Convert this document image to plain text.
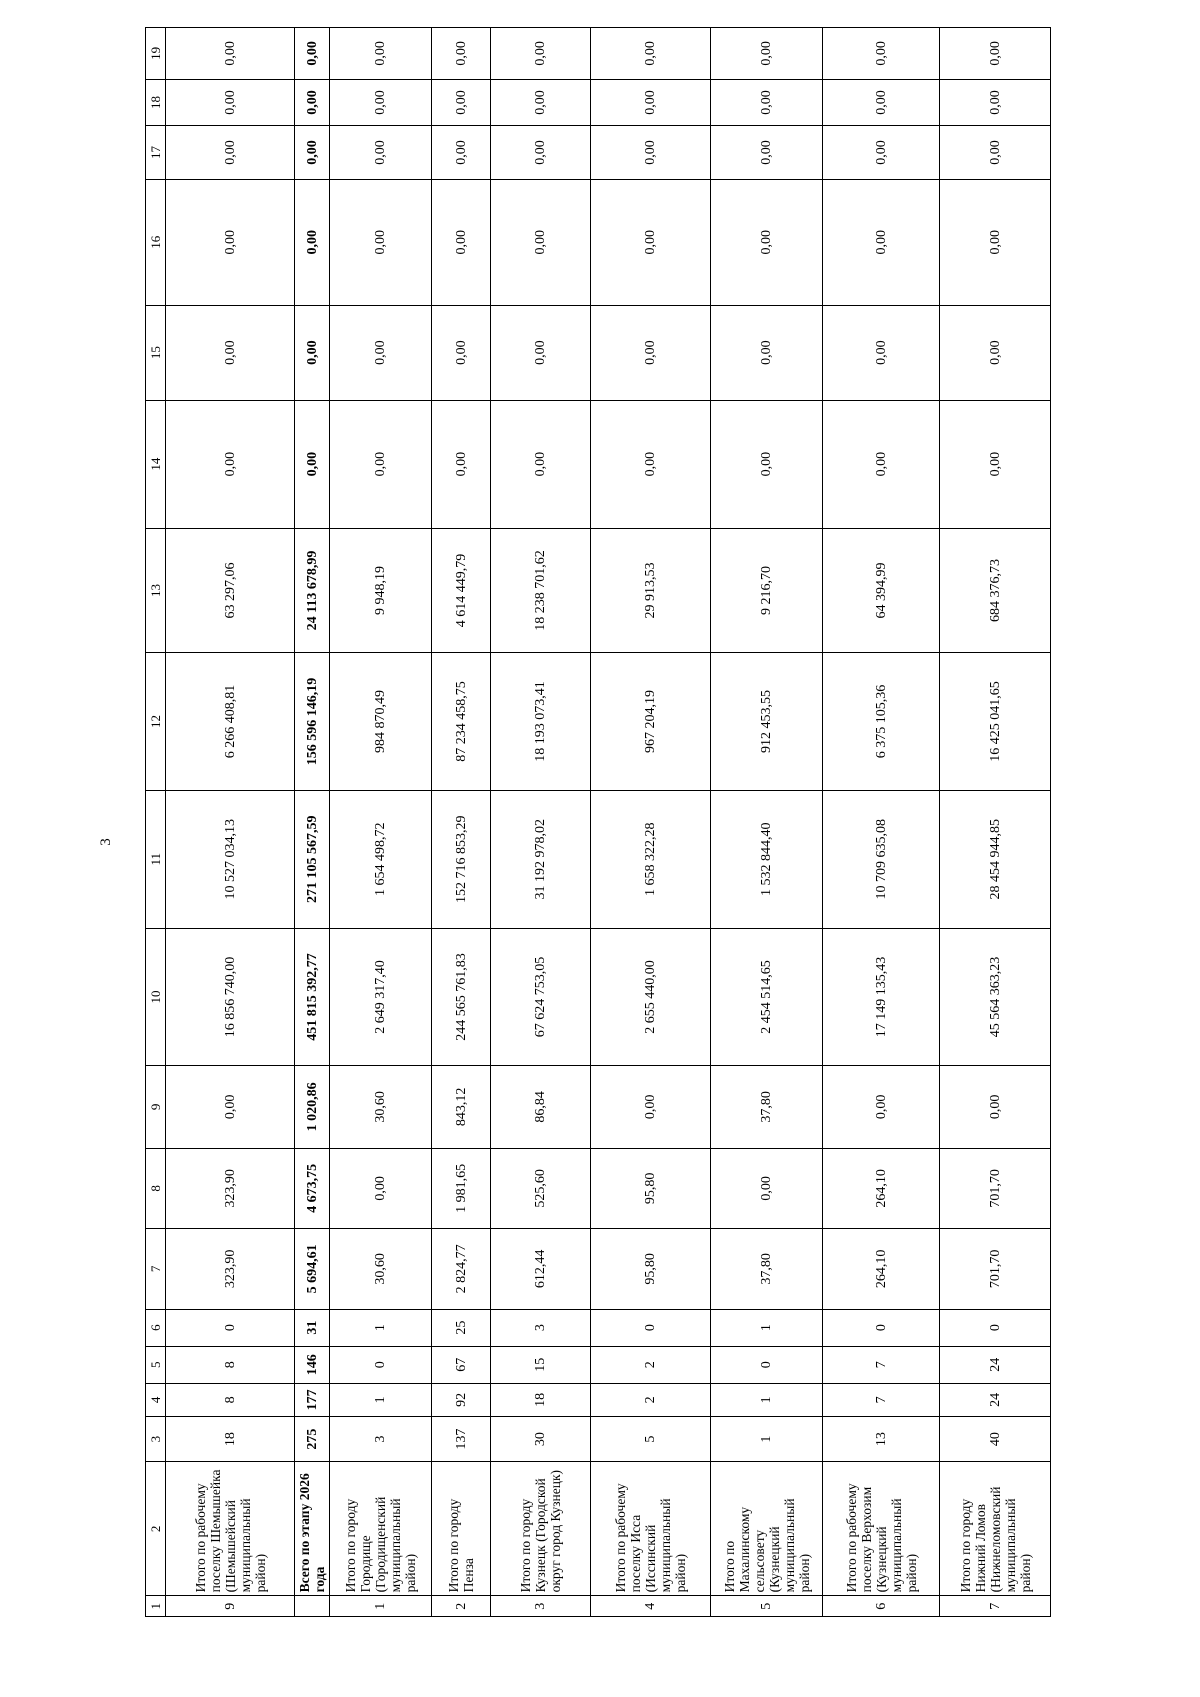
3
1	2	3	4	5	6	7	8	9	10	11	12	13	14	15	16	17	18	19
9	Итого по рабочему поселку Шемышейка (Шемышейский муниципальный район)	18	8	8	0	323,90	323,90	0,00	16 856 740,00	10 527 034,13	6 266 408,81	63 297,06	0,00	0,00	0,00	0,00	0,00	0,00
	Всего по этапу 2026 года	275	177	146	31	5 694,61	4 673,75	1 020,86	451 815 392,77	271 105 567,59	156 596 146,19	24 113 678,99	0,00	0,00	0,00	0,00	0,00	0,00
1	Итого по городу Городище (Городищенский муниципальный район)	3	1	0	1	30,60	0,00	30,60	2 649 317,40	1 654 498,72	984 870,49	9 948,19	0,00	0,00	0,00	0,00	0,00	0,00
2	Итого по городу Пенза	137	92	67	25	2 824,77	1 981,65	843,12	244 565 761,83	152 716 853,29	87 234 458,75	4 614 449,79	0,00	0,00	0,00	0,00	0,00	0,00
3	Итого по городу Кузнецк (Городской округ город Кузнецк)	30	18	15	3	612,44	525,60	86,84	67 624 753,05	31 192 978,02	18 193 073,41	18 238 701,62	0,00	0,00	0,00	0,00	0,00	0,00
4	Итого по рабочему поселку Исса (Иссинский муниципальный район)	5	2	2	0	95,80	95,80	0,00	2 655 440,00	1 658 322,28	967 204,19	29 913,53	0,00	0,00	0,00	0,00	0,00	0,00
5	Итого по Махалинскому сельсовету (Кузнецкий муниципальный район)	1	1	0	1	37,80	0,00	37,80	2 454 514,65	1 532 844,40	912 453,55	9 216,70	0,00	0,00	0,00	0,00	0,00	0,00
6	Итого по рабочему поселку Верхозим (Кузнецкий муниципальный район)	13	7	7	0	264,10	264,10	0,00	17 149 135,43	10 709 635,08	6 375 105,36	64 394,99	0,00	0,00	0,00	0,00	0,00	0,00
7	Итого по городу Нижний Ломов (Нижнеломовский муниципальный район)	40	24	24	0	701,70	701,70	0,00	45 564 363,23	28 454 944,85	16 425 041,65	684 376,73	0,00	0,00	0,00	0,00	0,00	0,00
